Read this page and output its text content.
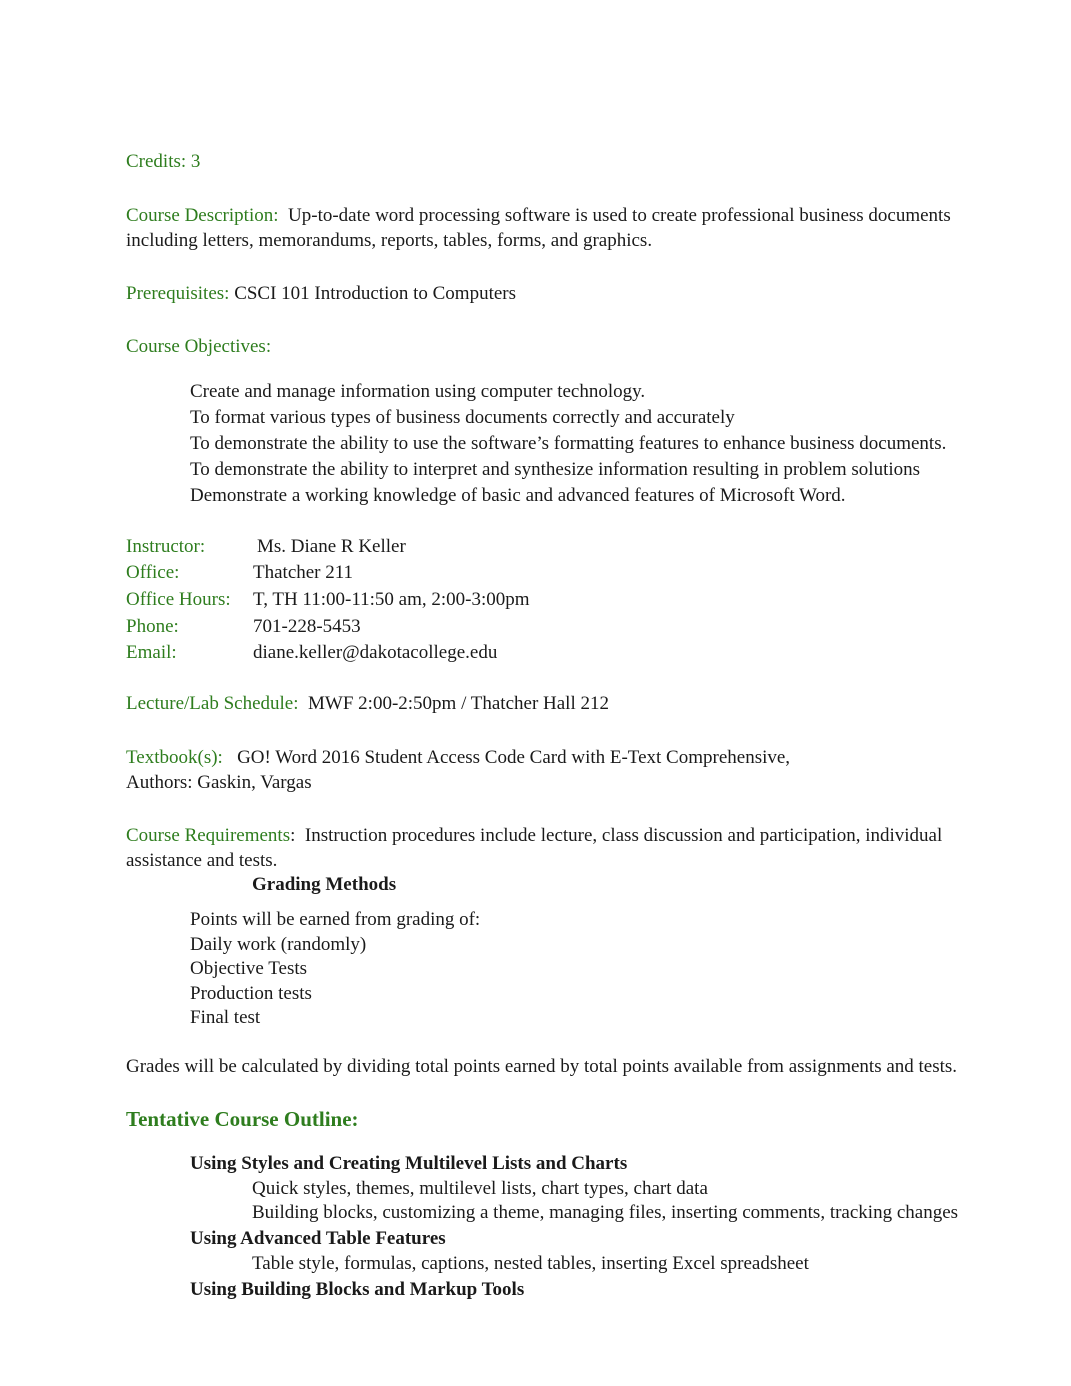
Credits: 3
Course Description: Up-to-date word processing software is used to create professional business documents
including letters, memorandums, reports, tables, forms, and graphics.
Prerequisites: CSCI 101 Introduction to Computers
Course Objectives:
Create and manage information using computer technology.
To format various types of business documents correctly and accurately
To demonstrate the ability to use the software’s formatting features to enhance business documents.
To demonstrate the ability to interpret and synthesize information resulting in problem solutions
Demonstrate a working knowledge of basic and advanced features of Microsoft Word.
Instructor:	Ms. Diane R Keller
Office:	Thatcher 211
Office Hours: T, TH 11:00-11:50 am, 2:00-3:00pm
Phone:	701-228-5453
Email:	diane.keller@dakotacollege.edu
Lecture/Lab Schedule: MWF 2:00-2:50pm / Thatcher Hall 212
Textbook(s): GO! Word 2016 Student Access Code Card with E-Text Comprehensive,
Authors: Gaskin, Vargas
Course Requirements: Instruction procedures include lecture, class discussion and participation, individual
assistance and tests.
Grading Methods
Points will be earned from grading of:
Daily work (randomly)
Objective Tests
Production tests
Final test
Grades will be calculated by dividing total points earned by total points available from assignments and tests.
Tentative Course Outline:
Using Styles and Creating Multilevel Lists and Charts
Quick styles, themes, multilevel lists, chart types, chart data
Building blocks, customizing a theme, managing files, inserting comments, tracking changes
Using Advanced Table Features
Table style, formulas, captions, nested tables, inserting Excel spreadsheet
Using Building Blocks and Markup Tools
